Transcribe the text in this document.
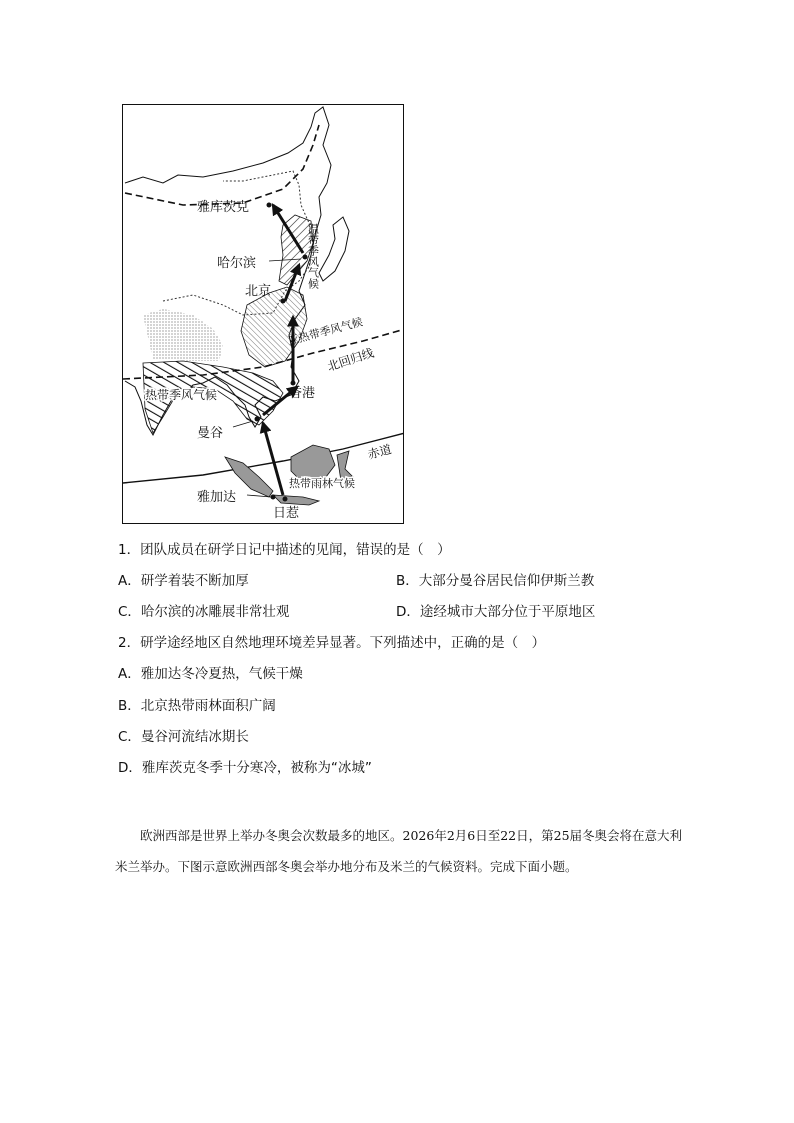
雅库茨克
哈尔滨
北京
温带季风气候
亚热带季风气候
北回归线
香港
热带季风气候
曼谷
赤道
热带雨林气候
雅加达
日惹
1．团队成员在研学日记中描述的见闻，错误的是（　）
A．研学着装不断加厚	B．大部分曼谷居民信仰伊斯兰教
C．哈尔滨的冰雕展非常壮观	D．途经城市大部分位于平原地区
2．研学途经地区自然地理环境差异显著。下列描述中，正确的是（　）
A．雅加达冬冷夏热，气候干燥
B．北京热带雨林面积广阔
C．曼谷河流结冰期长
D．雅库茨克冬季十分寒冷，被称为“冰城”
欧洲西部是世界上举办冬奥会次数最多的地区。2026年2月6日至22日，第25届冬奥会将在意大利米兰举办。下图示意欧洲西部冬奥会举办地分布及米兰的气候资料。完成下面小题。
